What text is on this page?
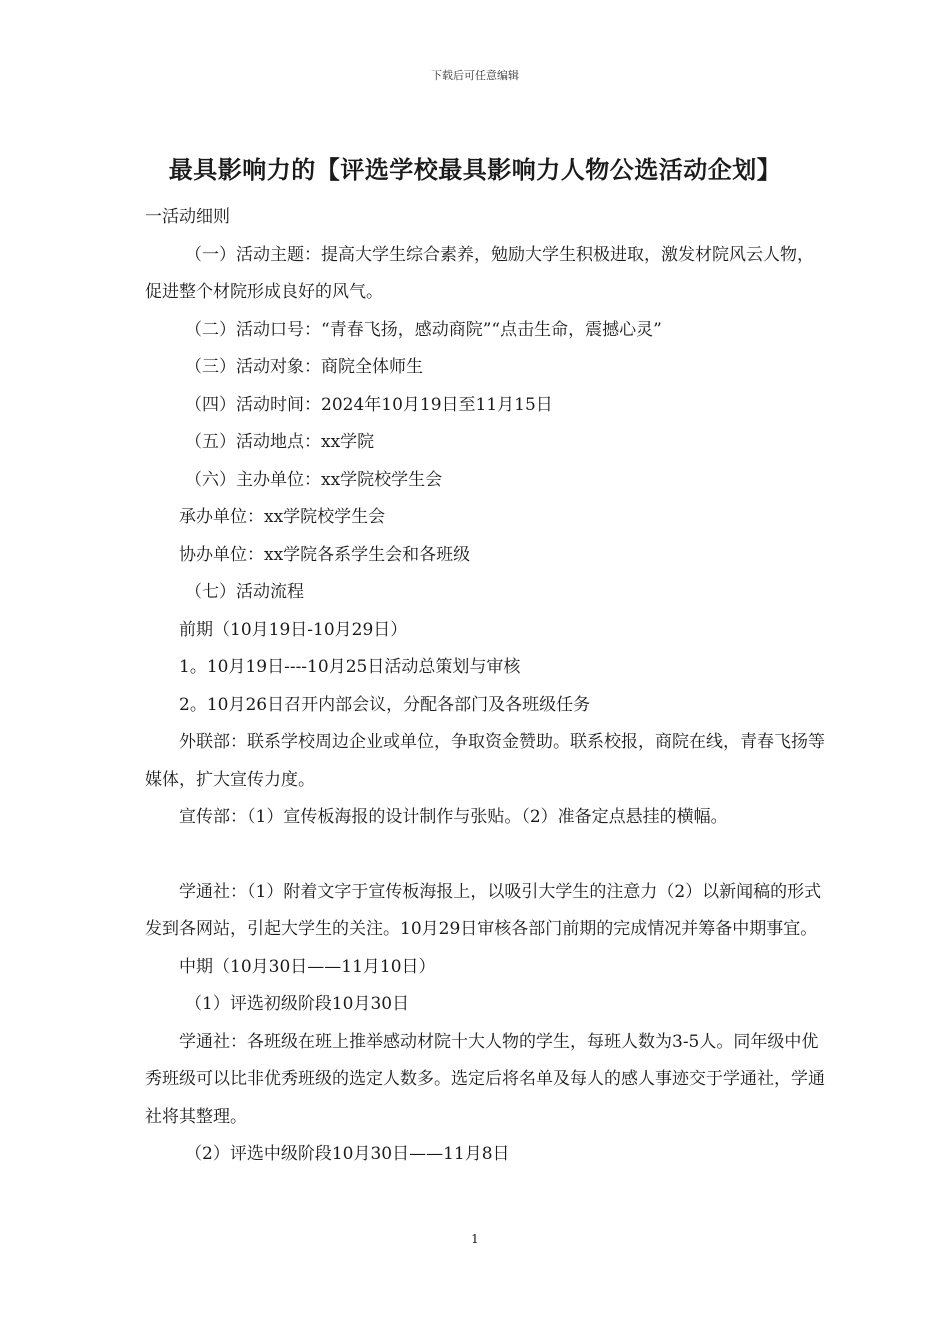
下载后可任意编辑
最具影响力的【评选学校最具影响力人物公选活动企划】

一活动细则

（一）活动主题：提高大学生综合素养，勉励大学生积极进取，激发材院风云人物，促进整个材院形成良好的风气。

（二）活动口号：“青春飞扬，感动商院”“点击生命，震撼心灵”

（三）活动对象：商院全体师生

（四）活动时间：2024年10月19日至11月15日

（五）活动地点：xx学院

（六）主办单位：xx学院校学生会

承办单位：xx学院校学生会

协办单位：xx学院各系学生会和各班级

（七）活动流程

前期（10月19日-10月29日）

1。10月19日----10月25日活动总策划与审核

2。10月26日召开内部会议，分配各部门及各班级任务

外联部：联系学校周边企业或单位，争取资金赞助。联系校报，商院在线，青春飞扬等媒体，扩大宣传力度。

宣传部：（1）宣传板海报的设计制作与张贴。（2）准备定点悬挂的横幅。

学通社：（1）附着文字于宣传板海报上，以吸引大学生的注意力（2）以新闻稿的形式发到各网站，引起大学生的关注。10月29日审核各部门前期的完成情况并筹备中期事宜。

中期（10月30日——11月10日）

（1）评选初级阶段10月30日

学通社：各班级在班上推举感动材院十大人物的学生，每班人数为3-5人。同年级中优秀班级可以比非优秀班级的选定人数多。选定后将名单及每人的感人事迹交于学通社，学通社将其整理。

（2）评选中级阶段10月30日——11月8日

1
